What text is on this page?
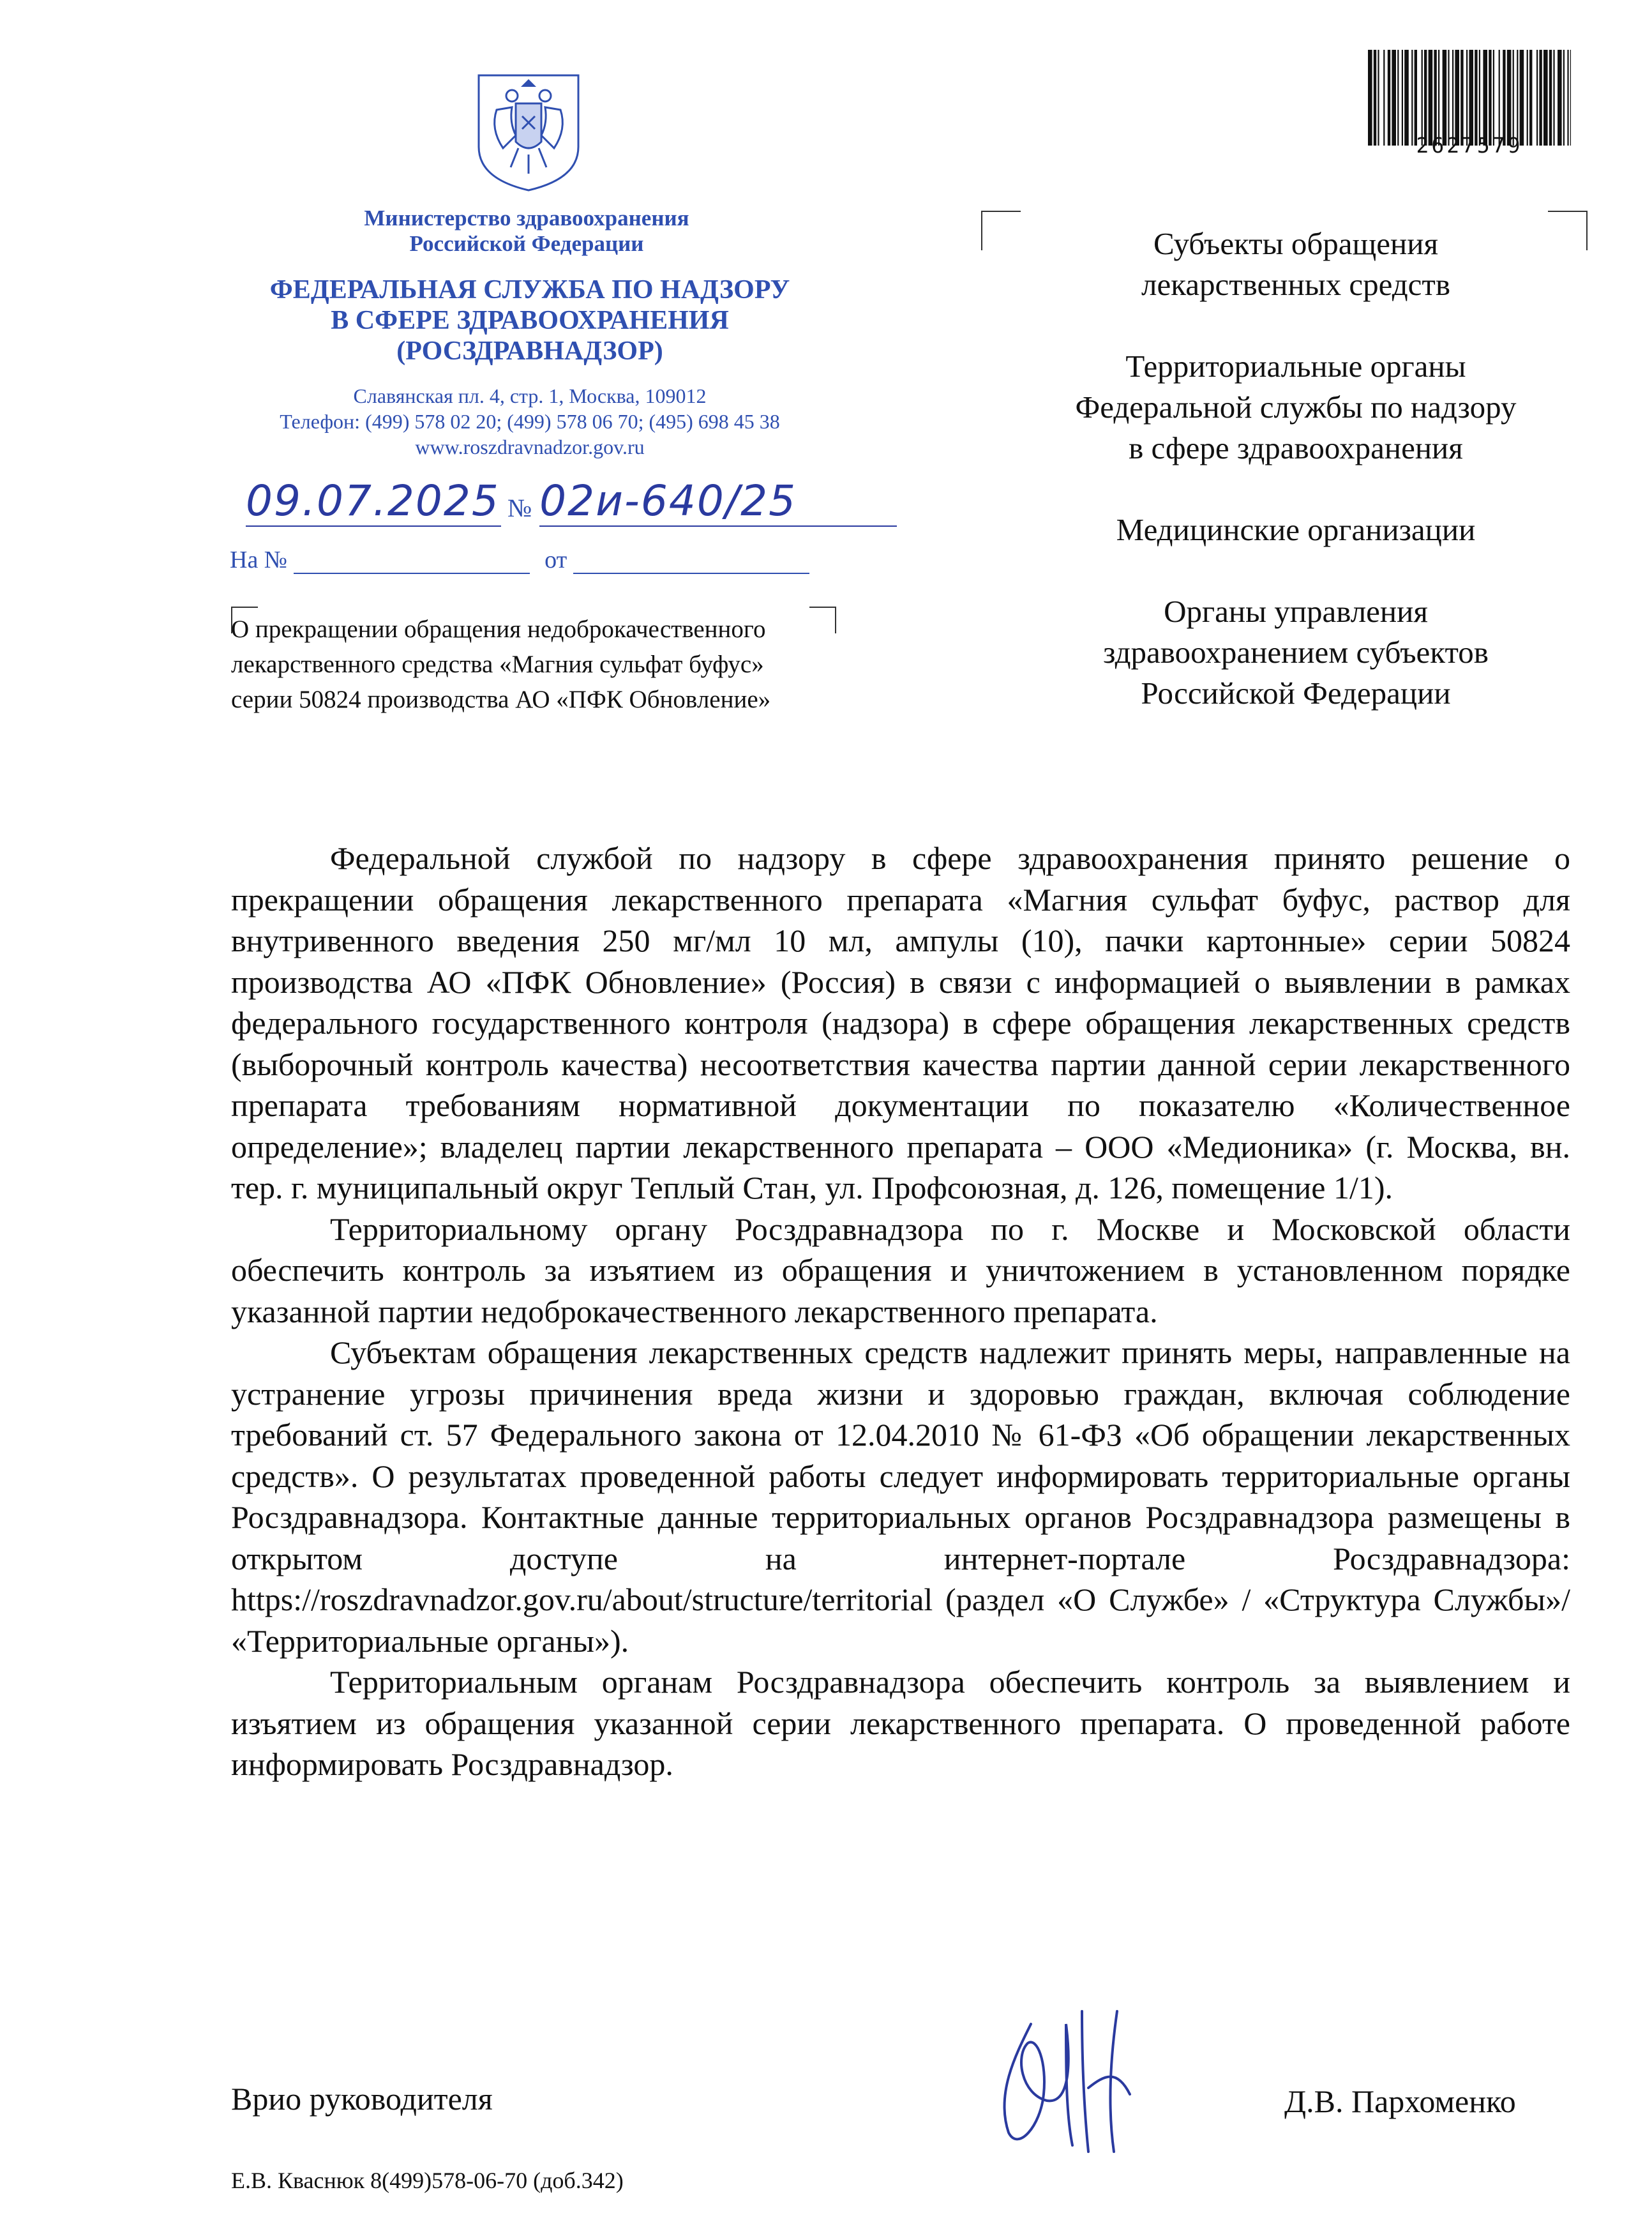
Министерство здравоохранения
Российской Федерации
ФЕДЕРАЛЬНАЯ СЛУЖБА ПО НАДЗОРУ
В СФЕРЕ ЗДРАВООХРАНЕНИЯ
(РОСЗДРАВНАДЗОР)
Славянская пл. 4, стр. 1, Москва, 109012
Телефон: (499) 578 02 20; (499) 578 06 70; (495) 698 45 38
www.roszdravnadzor.gov.ru
09.07.2025 № 02и-640/25
На №	от
О прекращении обращения недоброкачественного
лекарственного средства «Магния сульфат буфус»
серии 50824 производства АО «ПФК Обновление»
2627579
Субъекты обращения
лекарственных средств
Территориальные органы
Федеральной службы по надзору
в сфере здравоохранения
Медицинские организации
Органы управления
здравоохранением субъектов
Российской Федерации

Федеральной службой по надзору в сфере здравоохранения принято решение о прекращении обращения лекарственного препарата «Магния сульфат буфус, раствор для внутривенного введения 250 мг/мл 10 мл, ампулы (10), пачки картонные» серии 50824 производства АО «ПФК Обновление» (Россия) в связи с информацией о выявлении в рамках федерального государственного контроля (надзора) в сфере обращения лекарственных средств (выборочный контроль качества) несоответствия качества партии данной серии лекарственного препарата требованиям нормативной документации по показателю «Количественное определение»; владелец партии лекарственного препарата – ООО «Медионика» (г. Москва, вн. тер. г. муниципальный округ Теплый Стан, ул. Профсоюзная, д. 126, помещение 1/1).

Территориальному органу Росздравнадзора по г. Москве и Московской области обеспечить контроль за изъятием из обращения и уничтожением в установленном порядке указанной партии недоброкачественного лекарственного препарата.

Субъектам обращения лекарственных средств надлежит принять меры, направленные на устранение угрозы причинения вреда жизни и здоровью граждан, включая соблюдение требований ст. 57 Федерального закона от 12.04.2010 № 61-ФЗ «Об обращении лекарственных средств». О результатах проведенной работы следует информировать территориальные органы Росздравнадзора. Контактные данные территориальных органов Росздравнадзора размещены в открытом доступе на интернет-портале Росздравнадзора: https://roszdravnadzor.gov.ru/about/structure/territorial (раздел «О Службе» / «Структура Службы»/ «Территориальные органы»).

Территориальным органам Росздравнадзора обеспечить контроль за выявлением и изъятием из обращения указанной серии лекарственного препарата. О проведенной работе информировать Росздравнадзор.

Врио руководителя	Д.В. Пархоменко
Е.В. Кваснюк 8(499)578-06-70 (доб.342)
